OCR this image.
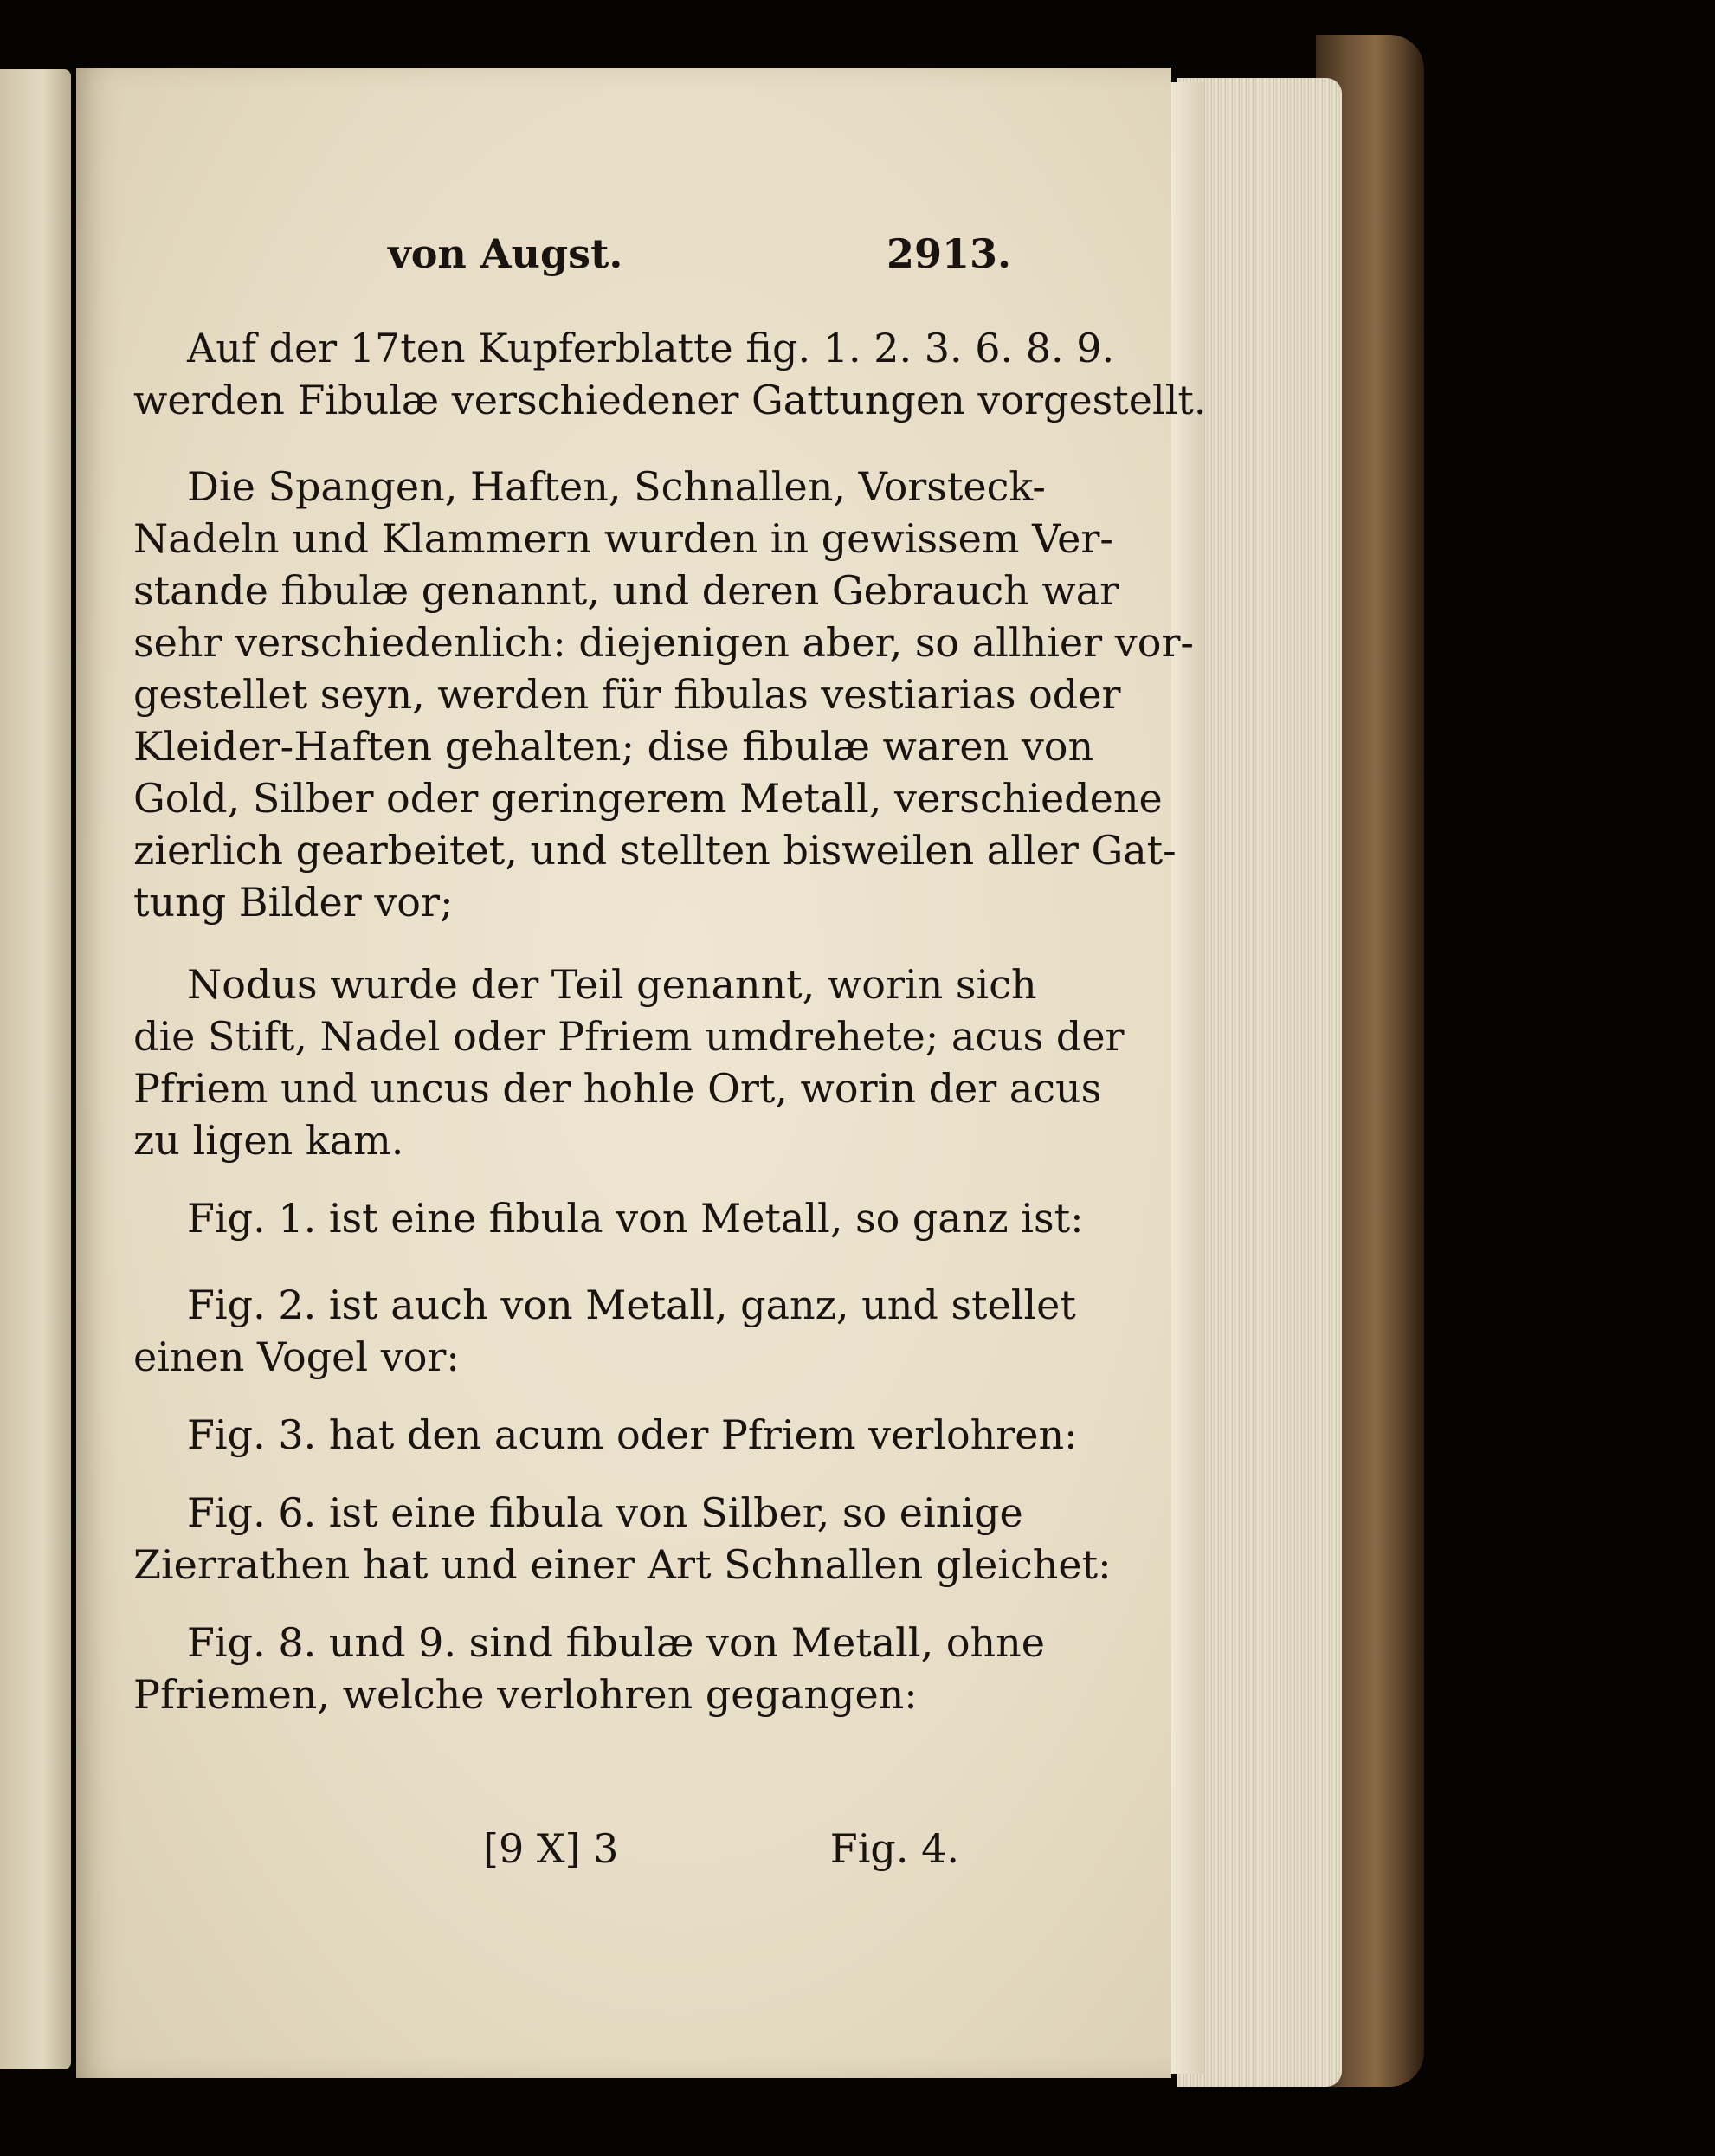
von Augst.	2913.
Auf der 17ten Kupferblatte fig. 1. 2. 3. 6. 8. 9.
werden Fibulæ verschiedener Gattungen vorgestellt.
Die Spangen, Haften, Schnallen, Vorsteck-
Nadeln und Klammern wurden in gewissem Ver-
stande fibulæ genannt, und deren Gebrauch war
sehr verschiedenlich: diejenigen aber, so allhier vor-
gestellet seyn, werden für fibulas vestiarias oder
Kleider-Haften gehalten; dise fibulæ waren von
Gold, Silber oder geringerem Metall, verschiedene
zierlich gearbeitet, und stellten bisweilen aller Gat-
tung Bilder vor;
Nodus wurde der Teil genannt, worin sich
die Stift, Nadel oder Pfriem umdrehete; acus der
Pfriem und uncus der hohle Ort, worin der acus
zu ligen kam.
Fig. 1. ist eine fibula von Metall, so ganz ist:
Fig. 2. ist auch von Metall, ganz, und stellet
einen Vogel vor:
Fig. 3. hat den acum oder Pfriem verlohren:
Fig. 6. ist eine fibula von Silber, so einige
Zierrathen hat und einer Art Schnallen gleichet:
Fig. 8. und 9. sind fibulæ von Metall, ohne
Pfriemen, welche verlohren gegangen:
[9 X] 3	Fig. 4.
